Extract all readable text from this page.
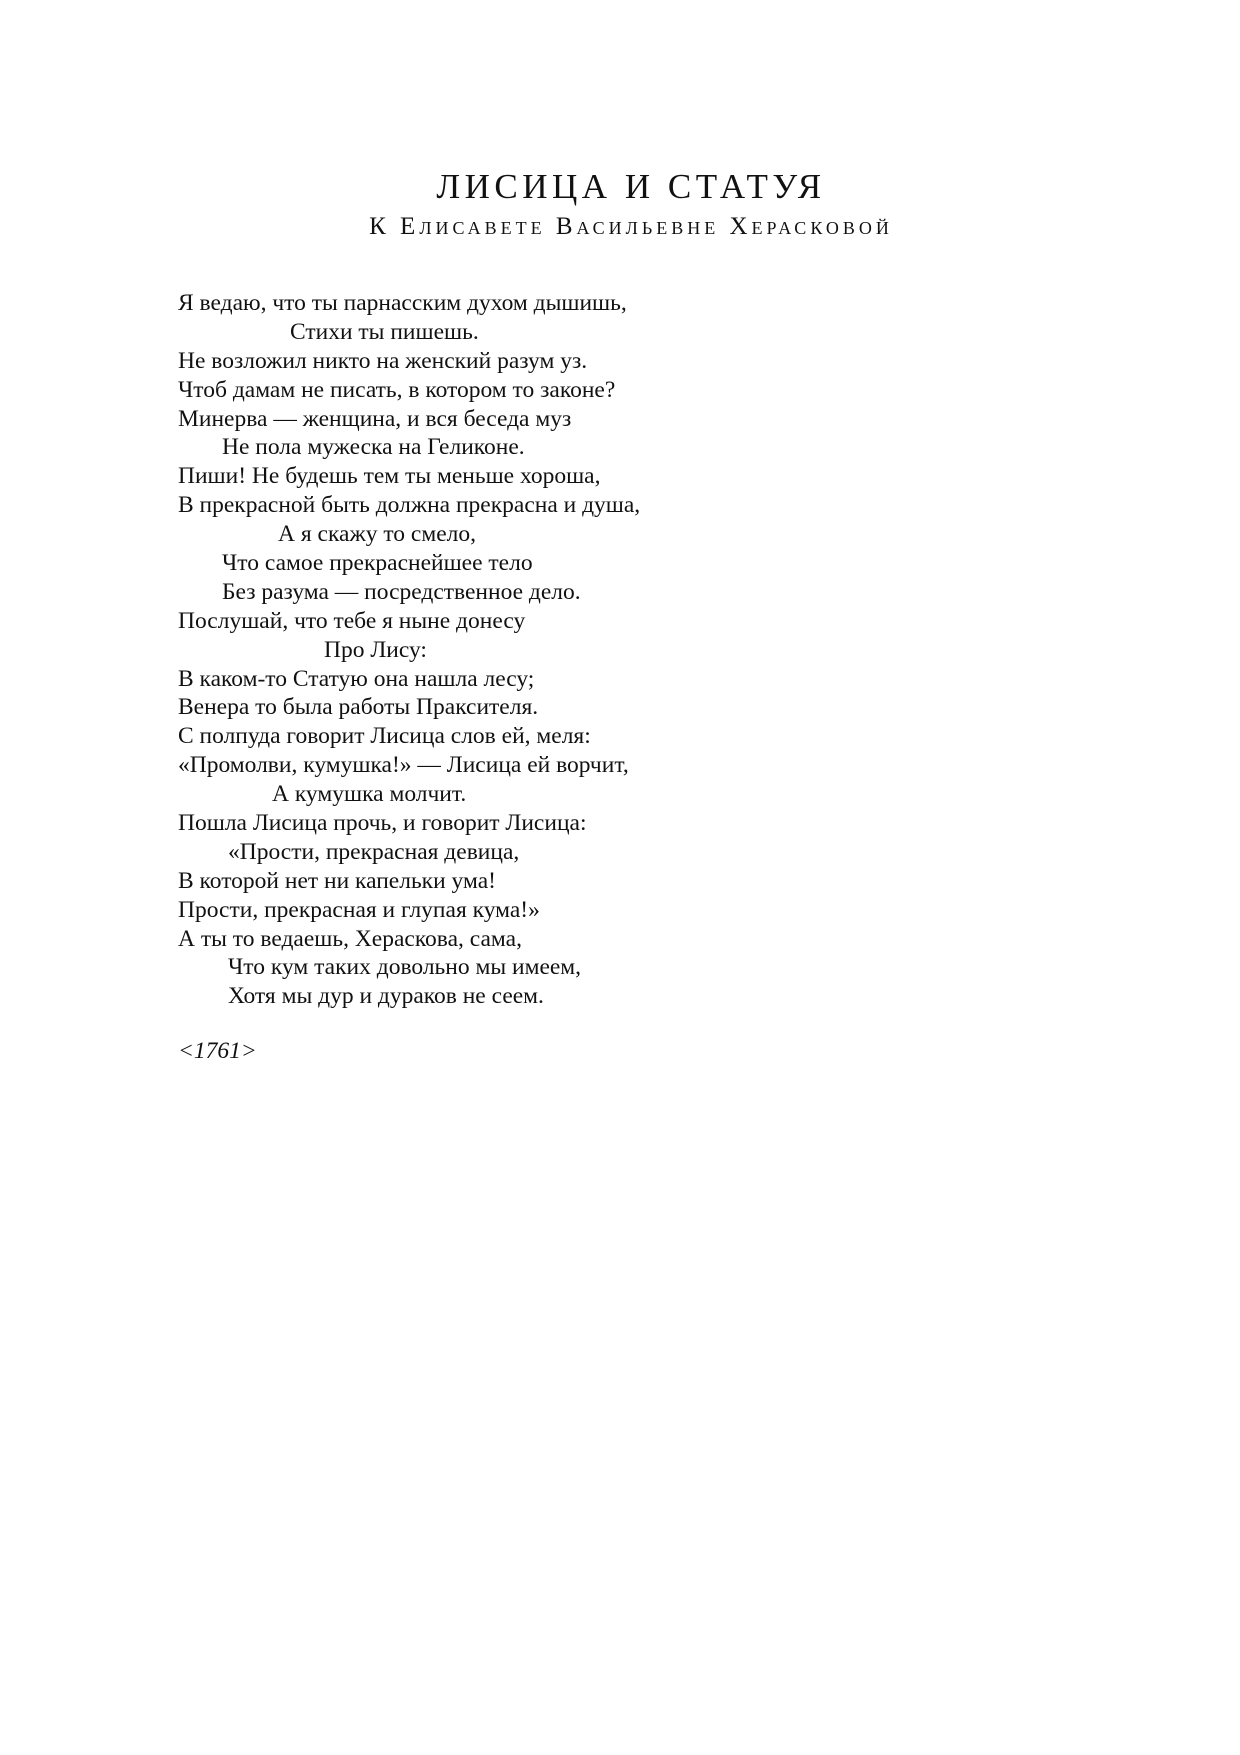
ЛИСИЦА И СТАТУЯ
К Елисавете Васильевне Херасковой
Я ведаю, что ты парнасским духом дышишь,
Стихи ты пишешь.
Не возложил никто на женский разум уз.
Чтоб дамам не писать, в котором то законе?
Минерва — женщина, и вся беседа муз
Не пола мужеска на Геликоне.
Пиши! Не будешь тем ты меньше хороша,
В прекрасной быть должна прекрасна и душа,
А я скажу то смело,
Что самое прекраснейшее тело
Без разума — посредственное дело.
Послушай, что тебе я ныне донесу
Про Лису:
В каком-то Статую она нашла лесу;
Венера то была работы Праксителя.
С полпуда говорит Лисица слов ей, меля:
«Промолви, кумушка!» — Лисица ей ворчит,
А кумушка молчит.
Пошла Лисица прочь, и говорит Лисица:
«Прости, прекрасная девица,
В которой нет ни капельки ума!
Прости, прекрасная и глупая кума!»
А ты то ведаешь, Хераскова, сама,
Что кум таких довольно мы имеем,
Хотя мы дур и дураков не сеем.
<1761>
